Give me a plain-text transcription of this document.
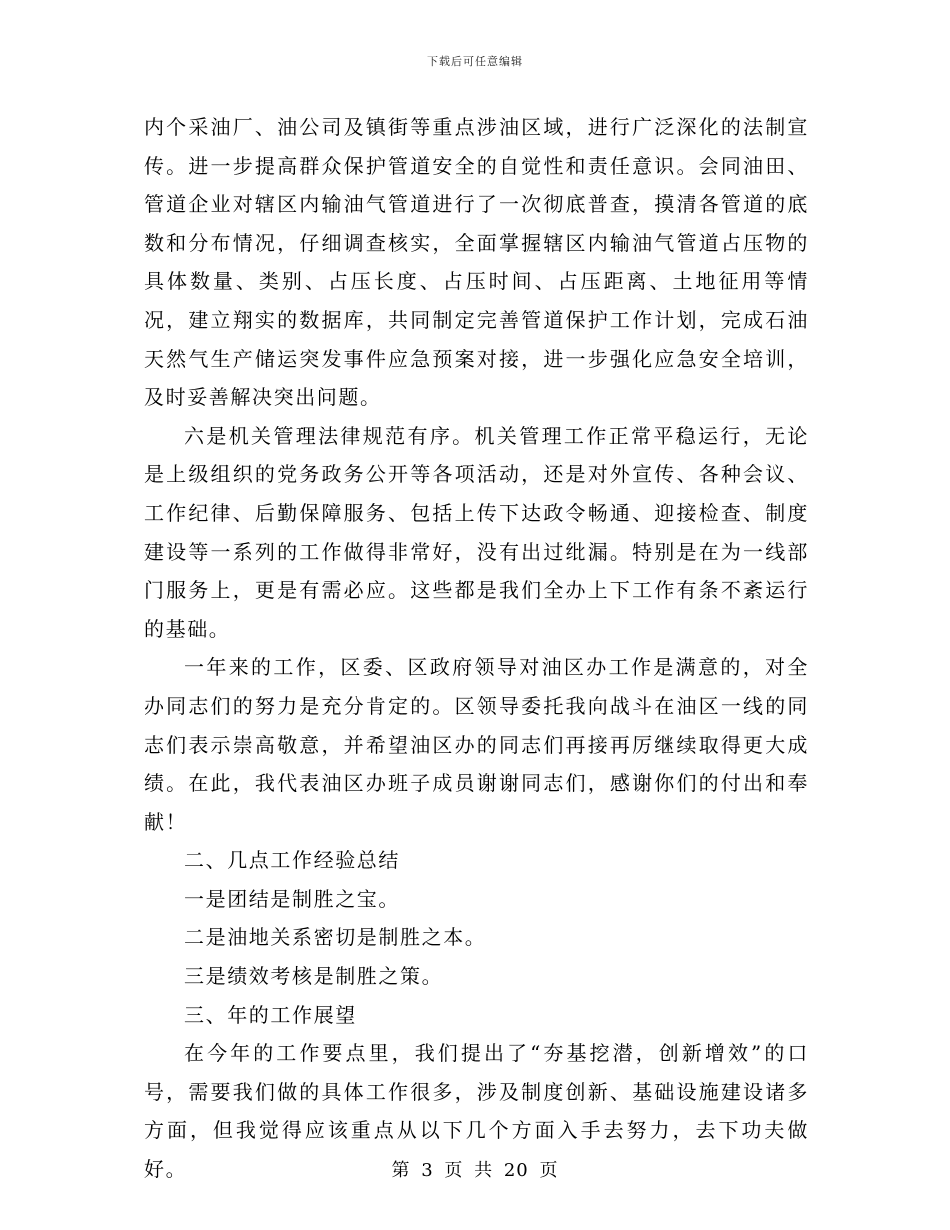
下载后可任意编辑

内个采油厂、油公司及镇街等重点涉油区域，进行广泛深化的法制宣传。进一步提高群众保护管道安全的自觉性和责任意识。会同油田、管道企业对辖区内输油气管道进行了一次彻底普查，摸清各管道的底数和分布情况，仔细调查核实，全面掌握辖区内输油气管道占压物的具体数量、类别、占压长度、占压时间、占压距离、土地征用等情况，建立翔实的数据库，共同制定完善管道保护工作计划，完成石油天然气生产储运突发事件应急预案对接，进一步强化应急安全培训，及时妥善解决突出问题。

六是机关管理法律规范有序。机关管理工作正常平稳运行，无论是上级组织的党务政务公开等各项活动，还是对外宣传、各种会议、工作纪律、后勤保障服务、包括上传下达政令畅通、迎接检查、制度建设等一系列的工作做得非常好，没有出过纰漏。特别是在为一线部门服务上，更是有需必应。这些都是我们全办上下工作有条不紊运行的基础。

一年来的工作，区委、区政府领导对油区办工作是满意的，对全办同志们的努力是充分肯定的。区领导委托我向战斗在油区一线的同志们表示崇高敬意，并希望油区办的同志们再接再厉继续取得更大成绩。在此，我代表油区办班子成员谢谢同志们，感谢你们的付出和奉献！

二、几点工作经验总结

一是团结是制胜之宝。

二是油地关系密切是制胜之本。

三是绩效考核是制胜之策。

三、年的工作展望

在今年的工作要点里，我们提出了“夯基挖潜，创新增效”的口号，需要我们做的具体工作很多，涉及制度创新、基础设施建设诸多方面，但我觉得应该重点从以下几个方面入手去努力，去下功夫做好。	第 3 页 共 20 页
